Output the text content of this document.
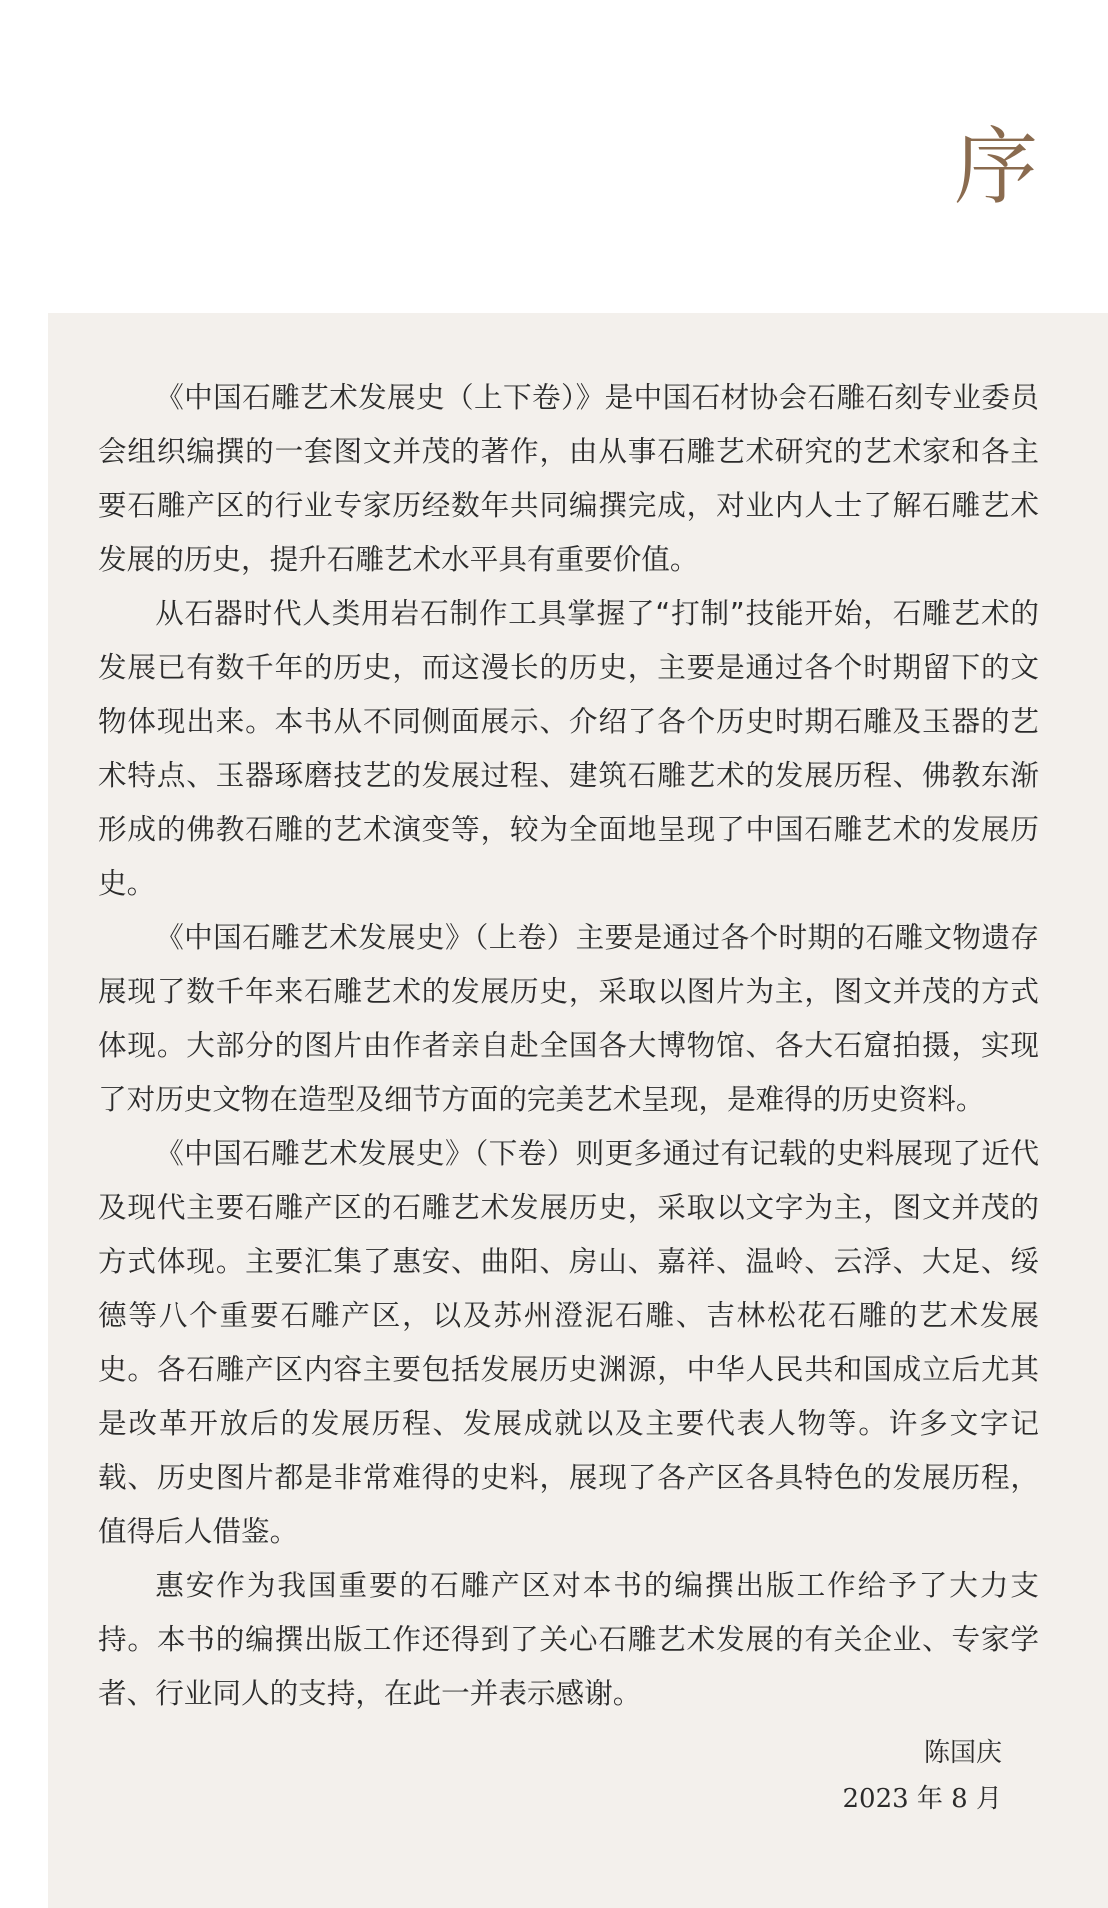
序

《中国石雕艺术发展史（上下卷）》是中国石材协会石雕石刻专业委员会组织编撰的一套图文并茂的著作，由从事石雕艺术研究的艺术家和各主要石雕产区的行业专家历经数年共同编撰完成，对业内人士了解石雕艺术发展的历史，提升石雕艺术水平具有重要价值。

从石器时代人类用岩石制作工具掌握了“打制”技能开始，石雕艺术的发展已有数千年的历史，而这漫长的历史，主要是通过各个时期留下的文物体现出来。本书从不同侧面展示、介绍了各个历史时期石雕及玉器的艺术特点、玉器琢磨技艺的发展过程、建筑石雕艺术的发展历程、佛教东渐形成的佛教石雕的艺术演变等，较为全面地呈现了中国石雕艺术的发展历史。

《中国石雕艺术发展史》（上卷）主要是通过各个时期的石雕文物遗存展现了数千年来石雕艺术的发展历史，采取以图片为主，图文并茂的方式体现。大部分的图片由作者亲自赴全国各大博物馆、各大石窟拍摄，实现了对历史文物在造型及细节方面的完美艺术呈现，是难得的历史资料。

《中国石雕艺术发展史》（下卷）则更多通过有记载的史料展现了近代及现代主要石雕产区的石雕艺术发展历史，采取以文字为主，图文并茂的方式体现。主要汇集了惠安、曲阳、房山、嘉祥、温岭、云浮、大足、绥德等八个重要石雕产区，以及苏州澄泥石雕、吉林松花石雕的艺术发展史。各石雕产区内容主要包括发展历史渊源，中华人民共和国成立后尤其是改革开放后的发展历程、发展成就以及主要代表人物等。许多文字记载、历史图片都是非常难得的史料，展现了各产区各具特色的发展历程，值得后人借鉴。

惠安作为我国重要的石雕产区对本书的编撰出版工作给予了大力支持。本书的编撰出版工作还得到了关心石雕艺术发展的有关企业、专家学者、行业同人的支持，在此一并表示感谢。

陈国庆
2023 年 8 月
